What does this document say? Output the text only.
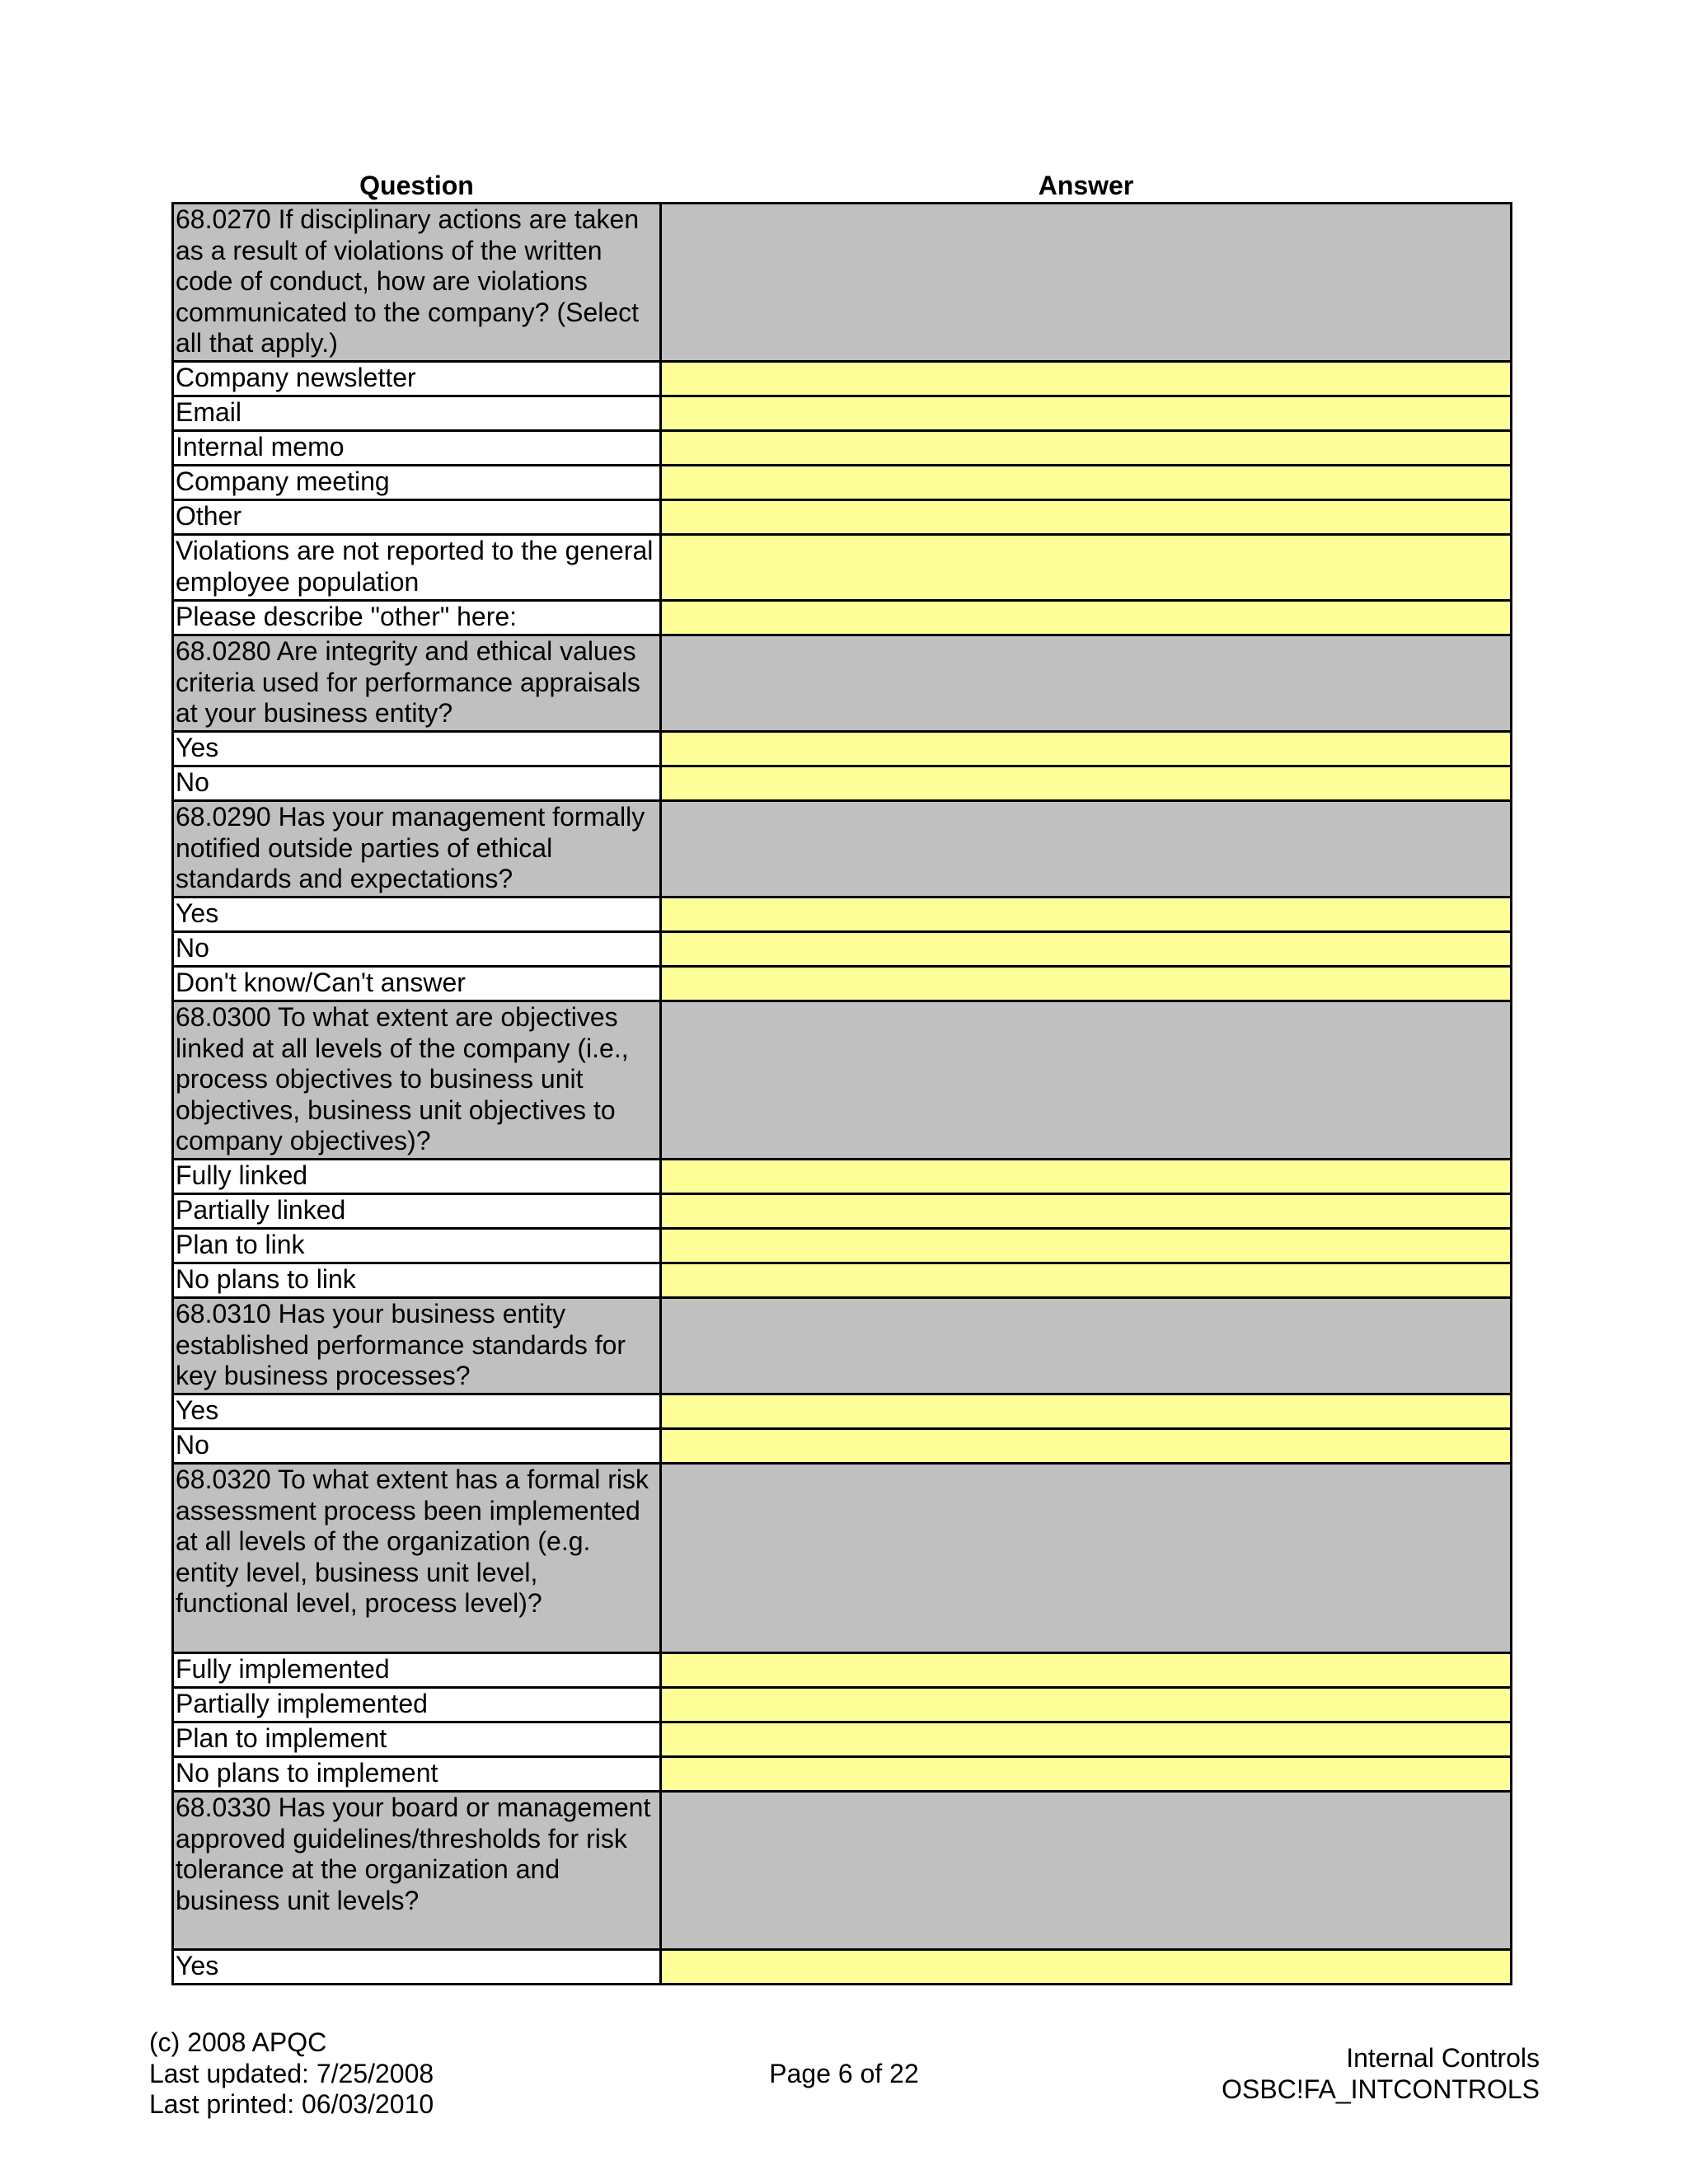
Question	Answer
68.0270 If disciplinary actions are taken as a result of violations of the written code of conduct, how are violations communicated to the company? (Select all that apply.)	
Company newsletter	
Email	
Internal memo	
Company meeting	
Other	
Violations are not reported to the general employee population	
Please describe "other" here:	
68.0280 Are integrity and ethical values criteria used for performance appraisals at your business entity?	
Yes	
No	
68.0290 Has your management formally notified outside parties of ethical standards and expectations?	
Yes	
No	
Don't know/Can't answer	
68.0300 To what extent are objectives linked at all levels of the company (i.e., process objectives to business unit objectives, business unit objectives to company objectives)?	
Fully linked	
Partially linked	
Plan to link	
No plans to link	
68.0310 Has your business entity established performance standards for key business processes?	
Yes	
No	
68.0320 To what extent has a formal risk assessment process been implemented at all levels of the organization (e.g. entity level, business unit level, functional level, process level)?	
Fully implemented	
Partially implemented	
Plan to implement	
No plans to implement	
68.0330 Has your board or management approved guidelines/thresholds for risk tolerance at the organization and business unit levels?	
Yes	
(c) 2008 APQC
Last updated: 7/25/2008
Last printed: 06/03/2010
Page 6 of 22
Internal Controls
OSBC!FA_INTCONTROLS
